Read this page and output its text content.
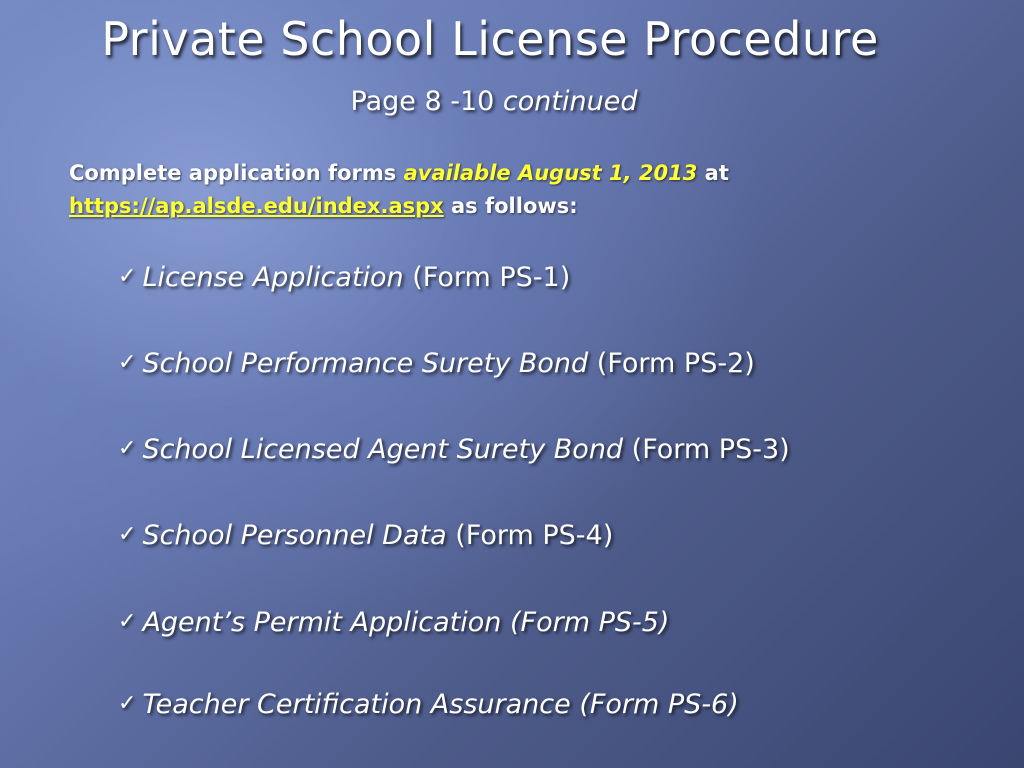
Private School License Procedure
Page 8 -10 continued
Complete application forms available August 1, 2013 at
https://ap.alsde.edu/index.aspx as follows:
✓ License Application (Form PS-1)
✓ School Performance Surety Bond (Form PS-2)
✓ School Licensed Agent Surety Bond (Form PS-3)
✓ School Personnel Data (Form PS-4)
✓ Agent’s Permit Application (Form PS-5)
✓ Teacher Certification Assurance (Form PS-6)
